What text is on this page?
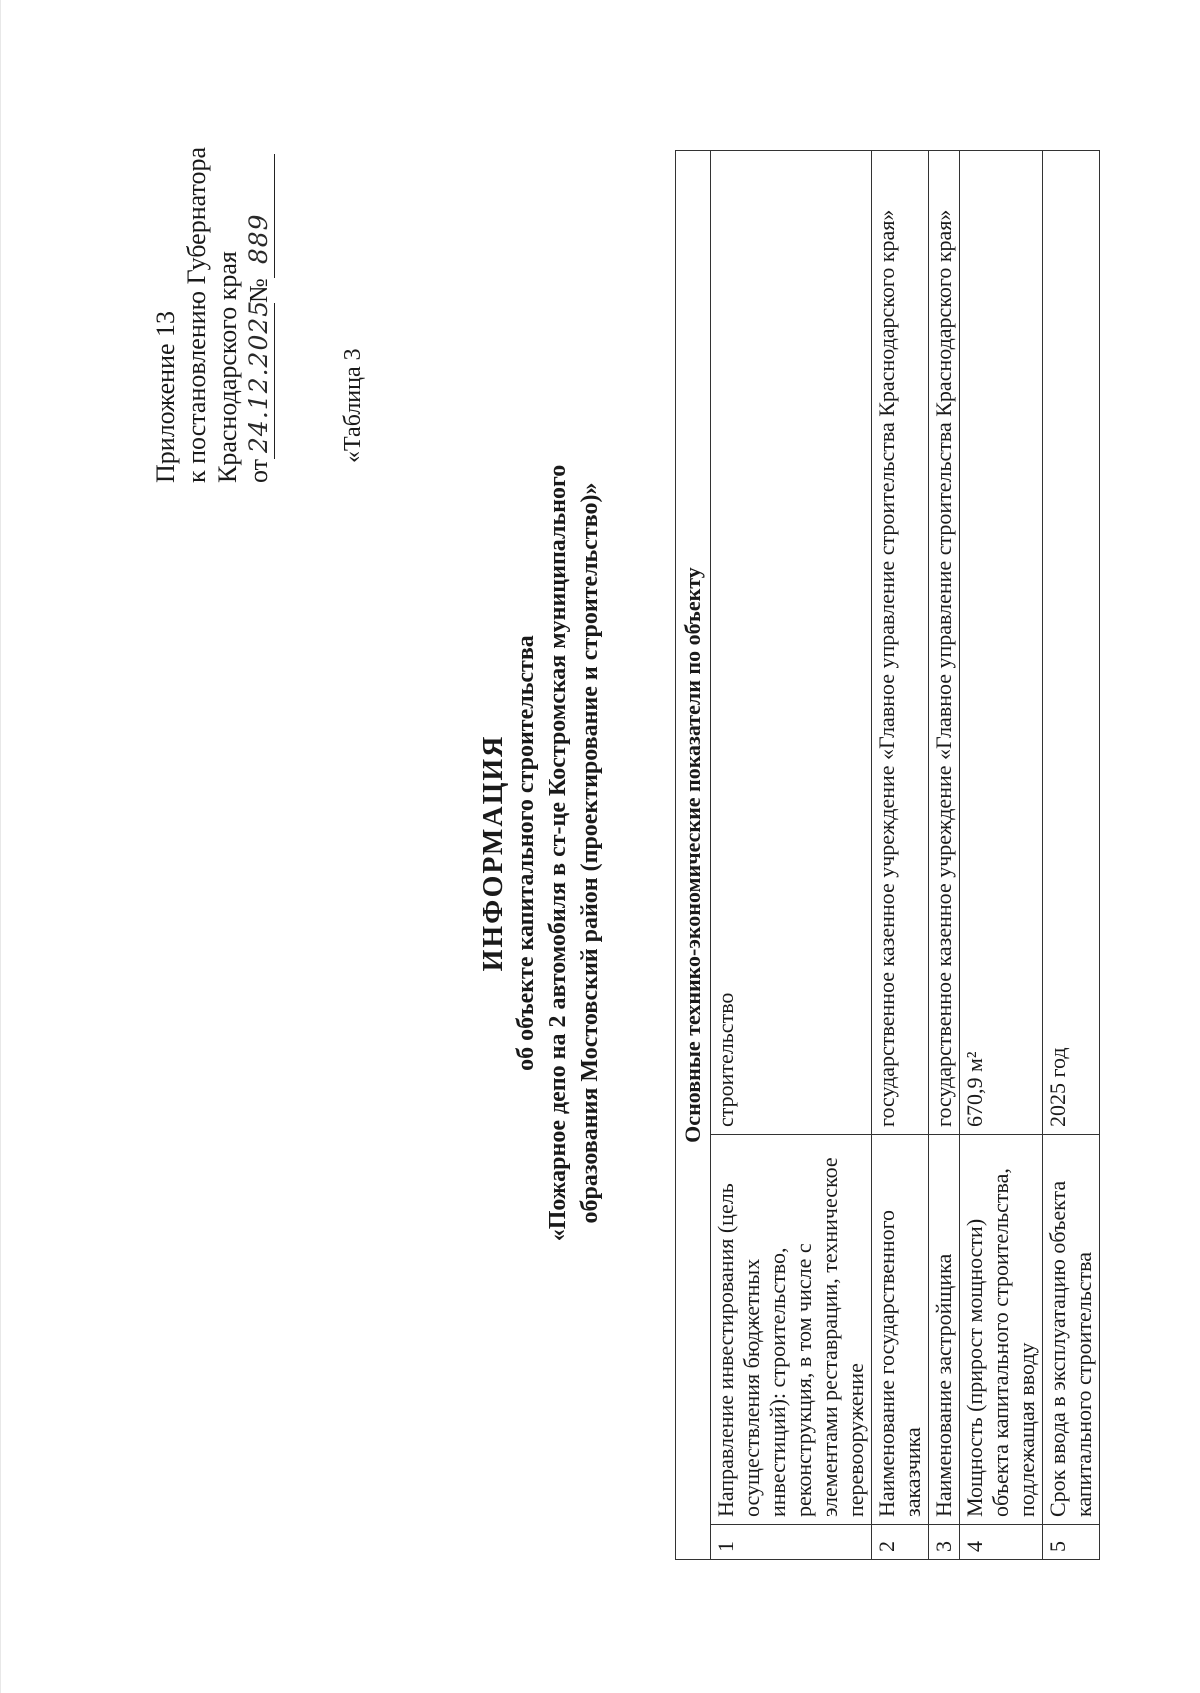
Приложение 13 к постановлению Губернатора Краснодарского края от24.12.2025№889
«Таблица 3
ИНФОРМАЦИЯ об объекте капитального строительства «Пожарное депо на 2 автомобиля в ст-це Костромская муниципального образования Мостовский район (проектирование и строительство)»	Основные технико-экономические показатели по объекту		
1	Направление инвестирования (цель осуществления бюджетных инвестиций): строительство, реконструкция, в том числе с элементами реставрации, техническое перевооружение	строительство
2	Наименование государственного заказчика	государственное казенное учреждение «Главное управление строительства Краснодарского края»
3	Наименование застройщика	государственное казенное учреждение «Главное управление строительства Краснодарского края»
4	Мощность (прирост мощности) объекта капитального строительства, подлежащая вводу	670,9 м²
5	Срок ввода в эксплуатацию объекта капитального строительства	2025 год
